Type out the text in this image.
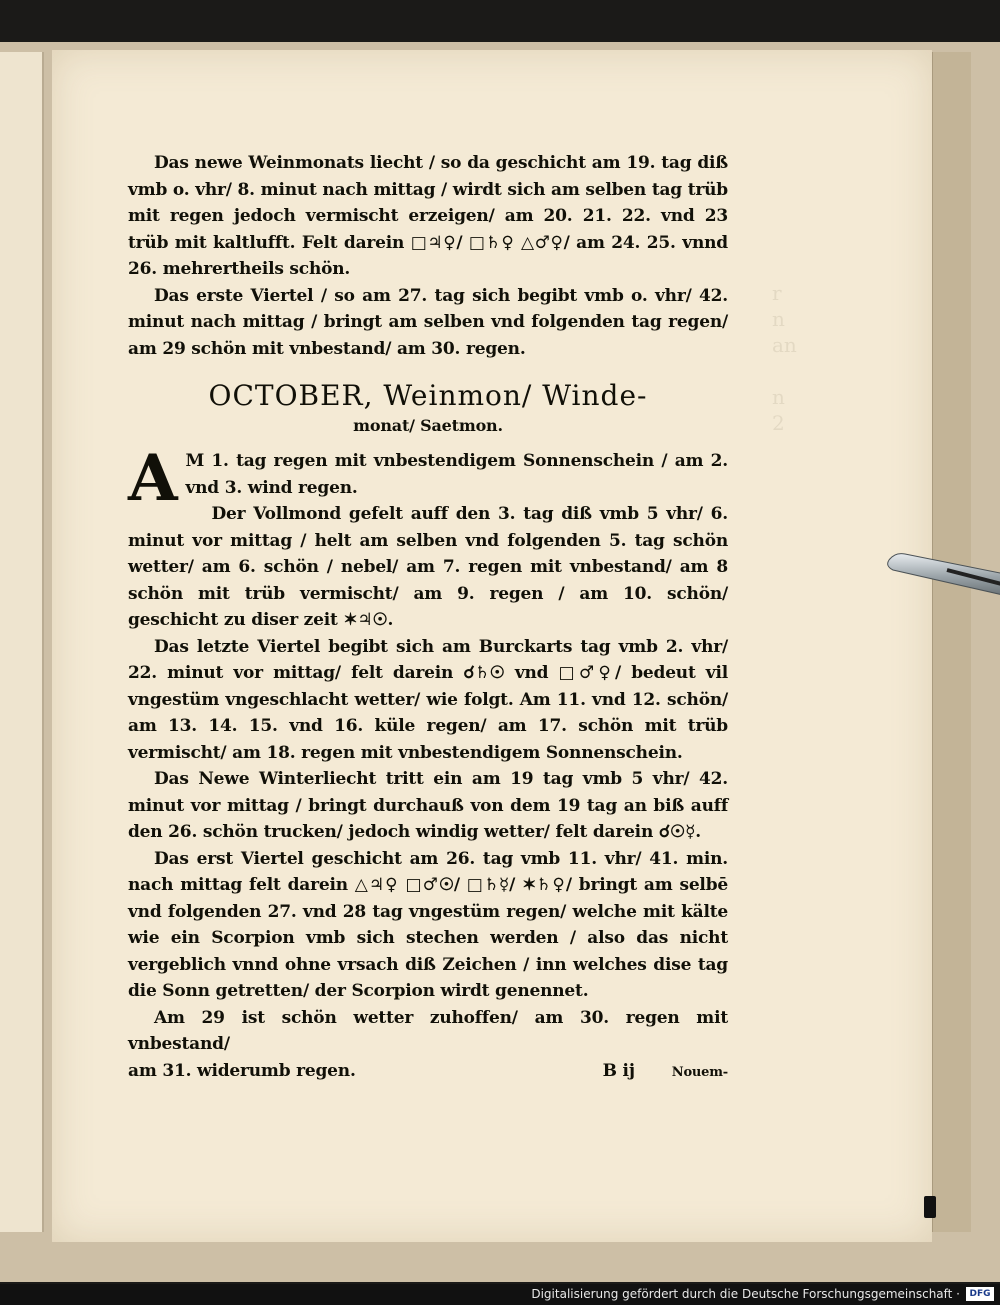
r
n
an

n
2

Das newe Weinmonats liecht / so da geschicht am 19. tag diß vmb o. vhr/ 8. minut nach mittag / wirdt sich am selben tag trüb mit regen jedoch vermischt erzeigen/ am 20. 21. 22. vnd 23 trüb mit kaltlufft. Felt darein □♃♀/ □♄♀ △♂♀/ am 24. 25. vnnd 26. mehrertheils schön.

Das erste Viertel / so am 27. tag sich begibt vmb o. vhr/ 42. minut nach mittag / bringt am selben vnd folgenden tag regen/ am 29 schön mit vnbestand/ am 30. regen.

OCTOBER, Weinmon/ Winde-
monat/ Saetmon.
A M 1. tag regen mit vnbestendigem Sonnenschein / am 2. vnd 3. wind regen.

Der Vollmond gefelt auff den 3. tag diß vmb 5 vhr/ 6. minut vor mittag / helt am selben vnd folgenden 5. tag schön wetter/ am 6. schön / nebel/ am 7. regen mit vnbestand/ am 8 schön mit trüb vermischt/ am 9. regen / am 10. schön/ geschicht zu diser zeit ✶♃☉.

Das letzte Viertel begibt sich am Burckarts tag vmb 2. vhr/ 22. minut vor mittag/ felt darein ☌♄☉ vnd □♂♀/ bedeut vil vngestüm vngeschlacht wetter/ wie folgt. Am 11. vnd 12. schön/ am 13. 14. 15. vnd 16. küle regen/ am 17. schön mit trüb vermischt/ am 18. regen mit vnbestendigem Sonnenschein.

Das Newe Winterliecht tritt ein am 19 tag vmb 5 vhr/ 42. minut vor mittag / bringt durchauß von dem 19 tag an biß auff den 26. schön trucken/ jedoch windig wetter/ felt darein ☌☉☿.

Das erst Viertel geschicht am 26. tag vmb 11. vhr/ 41. min. nach mittag felt darein △♃♀ □♂☉/ □♄☿/ ✶♄♀/ bringt am selbē vnd folgenden 27. vnd 28 tag vngestüm regen/ welche mit kälte wie ein Scorpion vmb sich stechen werden / also das nicht vergeblich vnnd ohne vrsach diß Zeichen / inn welches dise tag die Sonn getretten/ der Scorpion wirdt genennet.

Am 29 ist schön wetter zuhoffen/ am 30. regen mit vnbestand/

am 31. widerumb regen.	B ij	Nouem-
Digitalisierung gefördert durch die Deutsche Forschungsgemeinschaft ·	DFG
